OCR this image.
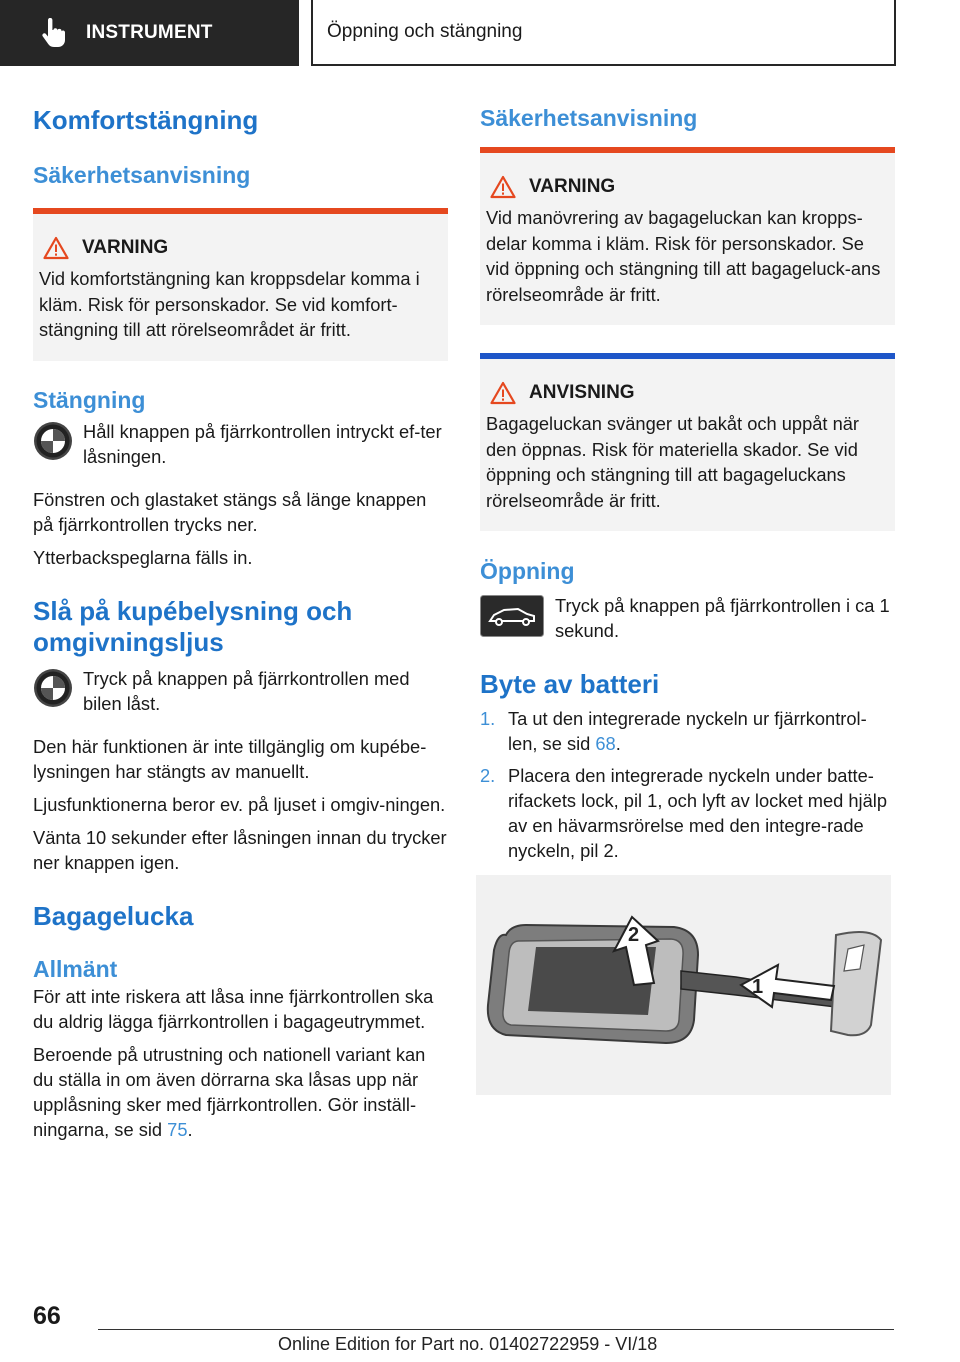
INSTRUMENT	Öppning och stängning
Komfortstängning
Säkerhetsanvisning
VARNING

Vid komfortstängning kan kroppsdelar komma i kläm. Risk för personskador. Se vid komfort-stängning till att rörelseområdet är fritt.

Stängning

Håll knappen på fjärrkontrollen intryckt ef-ter låsningen.

Fönstren och glastaket stängs så länge knappen på fjärrkontrollen trycks ner.

Ytterbackspeglarna fälls in.

Slå på kupébelysning och omgivningsljus

Tryck på knappen på fjärrkontrollen med bilen låst.

Den här funktionen är inte tillgänglig om kupébe-lysningen har stängts av manuellt.

Ljusfunktionerna beror ev. på ljuset i omgiv-ningen.

Vänta 10 sekunder efter låsningen innan du trycker ner knappen igen.

Bagagelucka
Allmänt

För att inte riskera att låsa inne fjärrkontrollen ska du aldrig lägga fjärrkontrollen i bagageutrymmet.

Beroende på utrustning och nationell variant kan du ställa in om även dörrarna ska låsas upp när upplåsning sker med fjärrkontrollen. Gör inställ-ningarna, se sid 75.

Säkerhetsanvisning
VARNING

Vid manövrering av bagageluckan kan kropps-delar komma i kläm. Risk för personskador. Se vid öppning och stängning till att bagageluck-ans rörelseområde är fritt.

ANVISNING

Bagageluckan svänger ut bakåt och uppåt när den öppnas. Risk för materiella skador. Se vid öppning och stängning till att bagageluckans rörelseområde är fritt.

Öppning

Tryck på knappen på fjärrkontrollen i ca 1 sekund.

Byte av batteri
1. Ta ut den integrerade nyckeln ur fjärrkontrol-len, se sid 68.
2. Placera den integrerade nyckeln under batte-rifackets lock, pil 1, och lyft av locket med hjälp av en hävarmsrörelse med den integre-rade nyckeln, pil 2.
2
1
66
Online Edition for Part no. 01402722959 - VI/18
